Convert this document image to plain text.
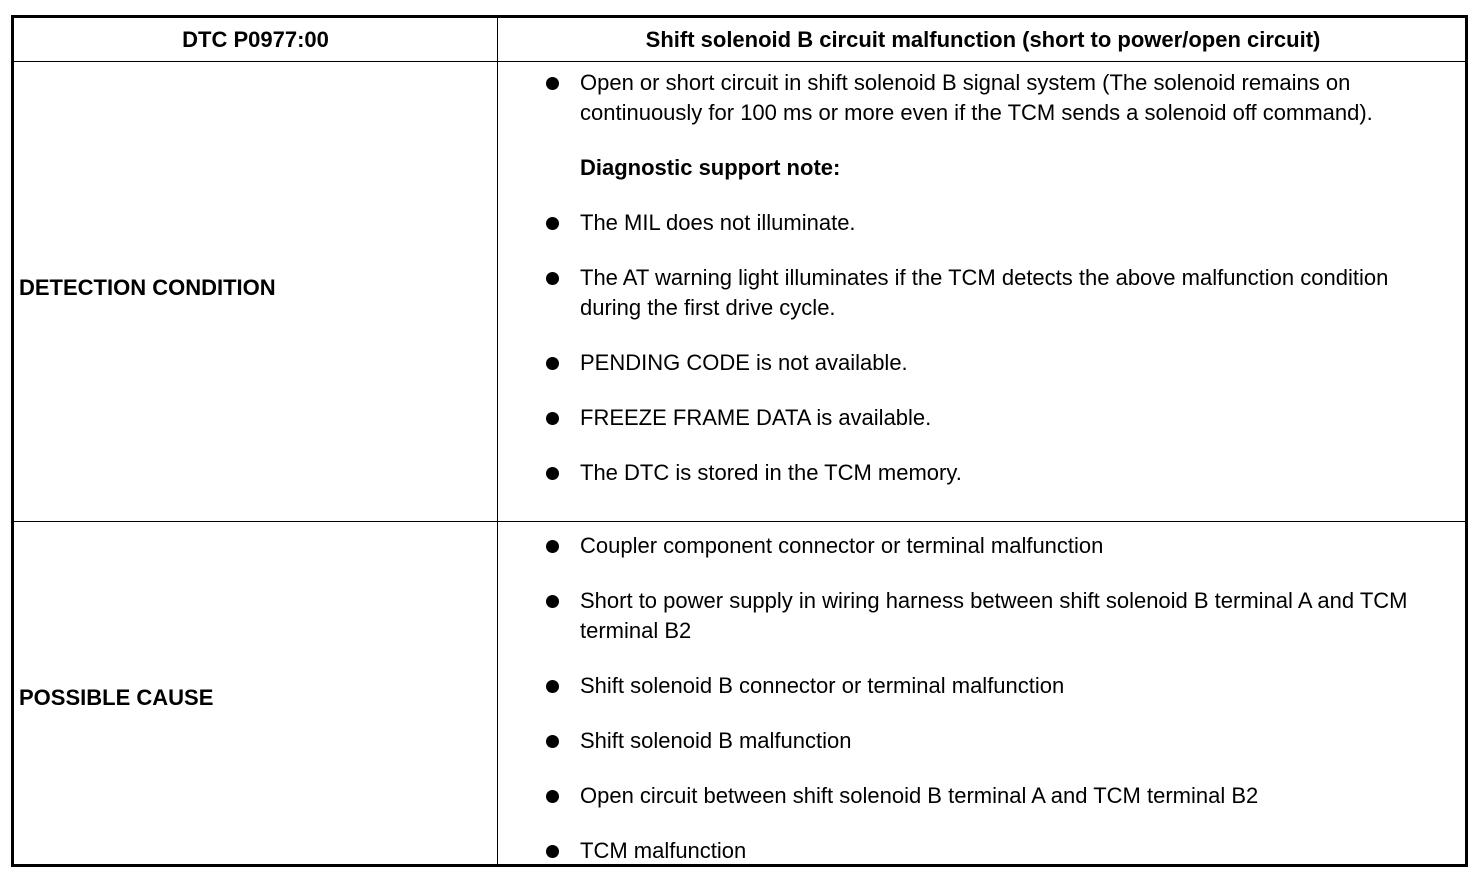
DTC P0977:00	Shift solenoid B circuit malfunction (short to power/open circuit)
DETECTION CONDITION
Open or short circuit in shift solenoid B signal system (The solenoid remains on continuously for 100 ms or more even if the TCM sends a solenoid off command).
Diagnostic support note:
The MIL does not illuminate.
The AT warning light illuminates if the TCM detects the above malfunction condition during the first drive cycle.
PENDING CODE is not available.
FREEZE FRAME DATA is available.
The DTC is stored in the TCM memory.
POSSIBLE CAUSE
Coupler component connector or terminal malfunction
Short to power supply in wiring harness between shift solenoid B terminal A and TCM terminal B2
Shift solenoid B connector or terminal malfunction
Shift solenoid B malfunction
Open circuit between shift solenoid B terminal A and TCM terminal B2
TCM malfunction
